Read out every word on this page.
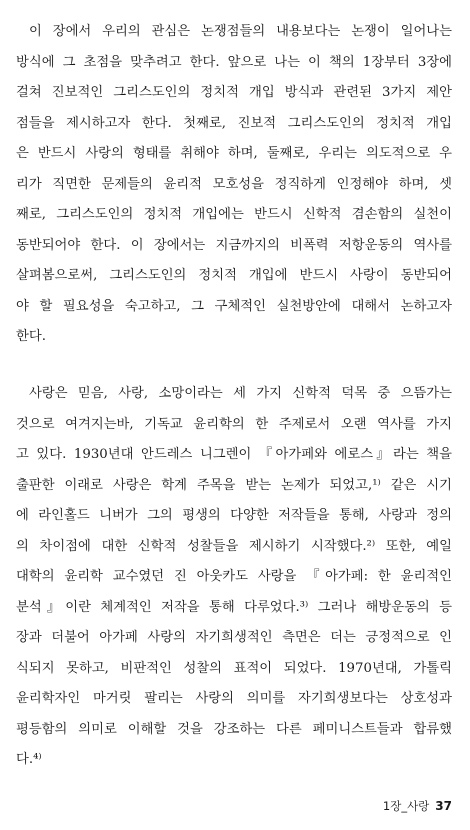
이 장에서 우리의 관심은 논쟁점들의 내용보다는 논쟁이 일어나는
방식에 그 초점을 맞추려고 한다. 앞으로 나는 이 책의 1장부터 3장에
걸쳐 진보적인 그리스도인의 정치적 개입 방식과 관련된 3가지 제안
점들을 제시하고자 한다. 첫째로, 진보적 그리스도인의 정치적 개입
은 반드시 사랑의 형태를 취해야 하며, 둘째로, 우리는 의도적으로 우
리가 직면한 문제들의 윤리적 모호성을 정직하게 인정해야 하며, 셋
째로, 그리스도인의 정치적 개입에는 반드시 신학적 겸손함의 실천이
동반되어야 한다. 이 장에서는 지금까지의 비폭력 저항운동의 역사를
살펴봄으로써, 그리스도인의 정치적 개입에 반드시 사랑이 동반되어
야 할 필요성을 숙고하고, 그 구체적인 실천방안에 대해서 논하고자
한다.
사랑은 믿음, 사랑, 소망이라는 세 가지 신학적 덕목 중 으뜸가는
것으로 여겨지는바, 기독교 윤리학의 한 주제로서 오랜 역사를 가지
고 있다. 1930년대 안드레스 니그렌이 『아가페와 에로스』라는 책을
출판한 이래로 사랑은 학계 주목을 받는 논제가 되었고,¹⁾ 같은 시기
에 라인홀드 니버가 그의 평생의 다양한 저작들을 통해, 사랑과 정의
의 차이점에 대한 신학적 성찰들을 제시하기 시작했다.²⁾ 또한, 예일
대학의 윤리학 교수였던 진 아웃카도 사랑을 『아가페: 한 윤리적인
분석』이란 체계적인 저작을 통해 다루었다.³⁾ 그러나 해방운동의 등
장과 더불어 아가페 사랑의 자기희생적인 측면은 더는 긍정적으로 인
식되지 못하고, 비판적인 성찰의 표적이 되었다. 1970년대, 가톨릭
윤리학자인 마거릿 팔리는 사랑의 의미를 자기희생보다는 상호성과
평등함의 의미로 이해할 것을 강조하는 다른 페미니스트들과 합류했
다.⁴⁾
1장_사랑 37
